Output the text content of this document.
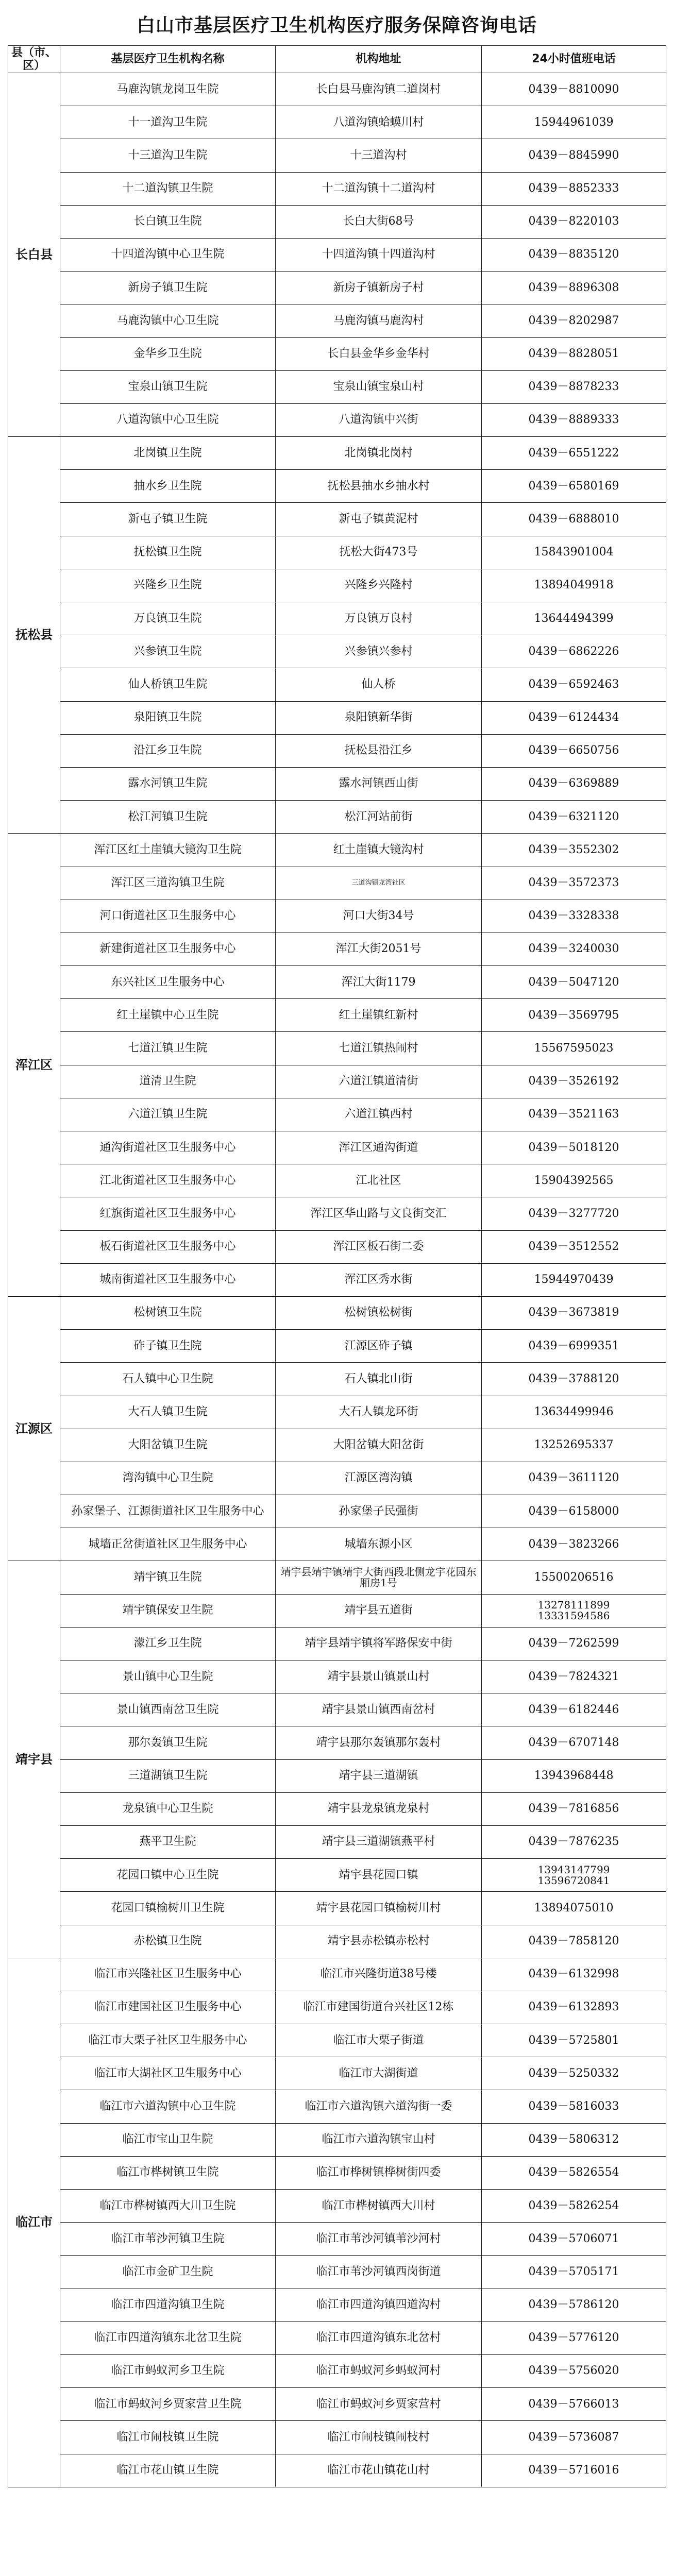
白山市基层医疗卫生机构医疗服务保障咨询电话
县（市、区）	基层医疗卫生机构名称	机构地址	24小时值班电话
长白县	马鹿沟镇龙岗卫生院	长白县马鹿沟镇二道岗村	0439－8810090
	十一道沟卫生院	八道沟镇蛤蟆川村	15944961039
	十三道沟卫生院	十三道沟村	0439－8845990
	十二道沟镇卫生院	十二道沟镇十二道沟村	0439－8852333
	长白镇卫生院	长白大街68号	0439－8220103
	十四道沟镇中心卫生院	十四道沟镇十四道沟村	0439－8835120
	新房子镇卫生院	新房子镇新房子村	0439－8896308
	马鹿沟镇中心卫生院	马鹿沟镇马鹿沟村	0439－8202987
	金华乡卫生院	长白县金华乡金华村	0439－8828051
	宝泉山镇卫生院	宝泉山镇宝泉山村	0439－8878233
	八道沟镇中心卫生院	八道沟镇中兴街	0439－8889333
抚松县	北岗镇卫生院	北岗镇北岗村	0439－6551222
	抽水乡卫生院	抚松县抽水乡抽水村	0439－6580169
	新屯子镇卫生院	新屯子镇黄泥村	0439－6888010
	抚松镇卫生院	抚松大街473号	15843901004
	兴隆乡卫生院	兴隆乡兴隆村	13894049918
	万良镇卫生院	万良镇万良村	13644494399
	兴参镇卫生院	兴参镇兴参村	0439－6862226
	仙人桥镇卫生院	仙人桥	0439－6592463
	泉阳镇卫生院	泉阳镇新华街	0439－6124434
	沿江乡卫生院	抚松县沿江乡	0439－6650756
	露水河镇卫生院	露水河镇西山街	0439－6369889
	松江河镇卫生院	松江河站前街	0439－6321120
浑江区	浑江区红土崖镇大镜沟卫生院	红土崖镇大镜沟村	0439－3552302
	浑江区三道沟镇卫生院	三道沟镇龙湾社区	0439－3572373
	河口街道社区卫生服务中心	河口大街34号	0439－3328338
	新建街道社区卫生服务中心	浑江大街2051号	0439－3240030
	东兴社区卫生服务中心	浑江大街1179	0439－5047120
	红土崖镇中心卫生院	红土崖镇红新村	0439－3569795
	七道江镇卫生院	七道江镇热闹村	15567595023
	道清卫生院	六道江镇道清街	0439－3526192
	六道江镇卫生院	六道江镇西村	0439－3521163
	通沟街道社区卫生服务中心	浑江区通沟街道	0439－5018120
	江北街道社区卫生服务中心	江北社区	15904392565
	红旗街道社区卫生服务中心	浑江区华山路与文良街交汇	0439－3277720
	板石街道社区卫生服务中心	浑江区板石街二委	0439－3512552
	城南街道社区卫生服务中心	浑江区秀水街	15944970439
江源区	松树镇卫生院	松树镇松树街	0439－3673819
	砟子镇卫生院	江源区砟子镇	0439－6999351
	石人镇中心卫生院	石人镇北山街	0439－3788120
	大石人镇卫生院	大石人镇龙环街	13634499946
	大阳岔镇卫生院	大阳岔镇大阳岔街	13252695337
	湾沟镇中心卫生院	江源区湾沟镇	0439－3611120
	孙家堡子、江源街道社区卫生服务中心	孙家堡子民强街	0439－6158000
	城墙正岔街道社区卫生服务中心	城墙东源小区	0439－3823266
靖宇县	靖宇镇卫生院	靖宇县靖宇镇靖宇大街西段北侧龙宇花园东厢房1号	15500206516
	靖宇镇保安卫生院	靖宇县五道街	13278111899
13331594586
	濛江乡卫生院	靖宇县靖宇镇将军路保安中街	0439－7262599
	景山镇中心卫生院	靖宇县景山镇景山村	0439－7824321
	景山镇西南岔卫生院	靖宇县景山镇西南岔村	0439－6182446
	那尔轰镇卫生院	靖宇县那尔轰镇那尔轰村	0439－6707148
	三道湖镇卫生院	靖宇县三道湖镇	13943968448
	龙泉镇中心卫生院	靖宇县龙泉镇龙泉村	0439－7816856
	燕平卫生院	靖宇县三道湖镇燕平村	0439－7876235
	花园口镇中心卫生院	靖宇县花园口镇	13943147799
13596720841
	花园口镇榆树川卫生院	靖宇县花园口镇榆树川村	13894075010
	赤松镇卫生院	靖宇县赤松镇赤松村	0439－7858120
临江市	临江市兴隆社区卫生服务中心	临江市兴隆街道38号楼	0439－6132998
	临江市建国社区卫生服务中心	临江市建国街道台兴社区12栋	0439－6132893
	临江市大栗子社区卫生服务中心	临江市大栗子街道	0439－5725801
	临江市大湖社区卫生服务中心	临江市大湖街道	0439－5250332
	临江市六道沟镇中心卫生院	临江市六道沟镇六道沟街一委	0439－5816033
	临江市宝山卫生院	临江市六道沟镇宝山村	0439－5806312
	临江市桦树镇卫生院	临江市桦树镇桦树街四委	0439－5826554
	临江市桦树镇西大川卫生院	临江市桦树镇西大川村	0439－5826254
	临江市苇沙河镇卫生院	临江市苇沙河镇苇沙河村	0439－5706071
	临江市金矿卫生院	临江市苇沙河镇西岗街道	0439－5705171
	临江市四道沟镇卫生院	临江市四道沟镇四道沟村	0439－5786120
	临江市四道沟镇东北岔卫生院	临江市四道沟镇东北岔村	0439－5776120
	临江市蚂蚁河乡卫生院	临江市蚂蚁河乡蚂蚁河村	0439－5756020
	临江市蚂蚁河乡贾家营卫生院	临江市蚂蚁河乡贾家营村	0439－5766013
	临江市闹枝镇卫生院	临江市闹枝镇闹枝村	0439－5736087
	临江市花山镇卫生院	临江市花山镇花山村	0439－5716016
